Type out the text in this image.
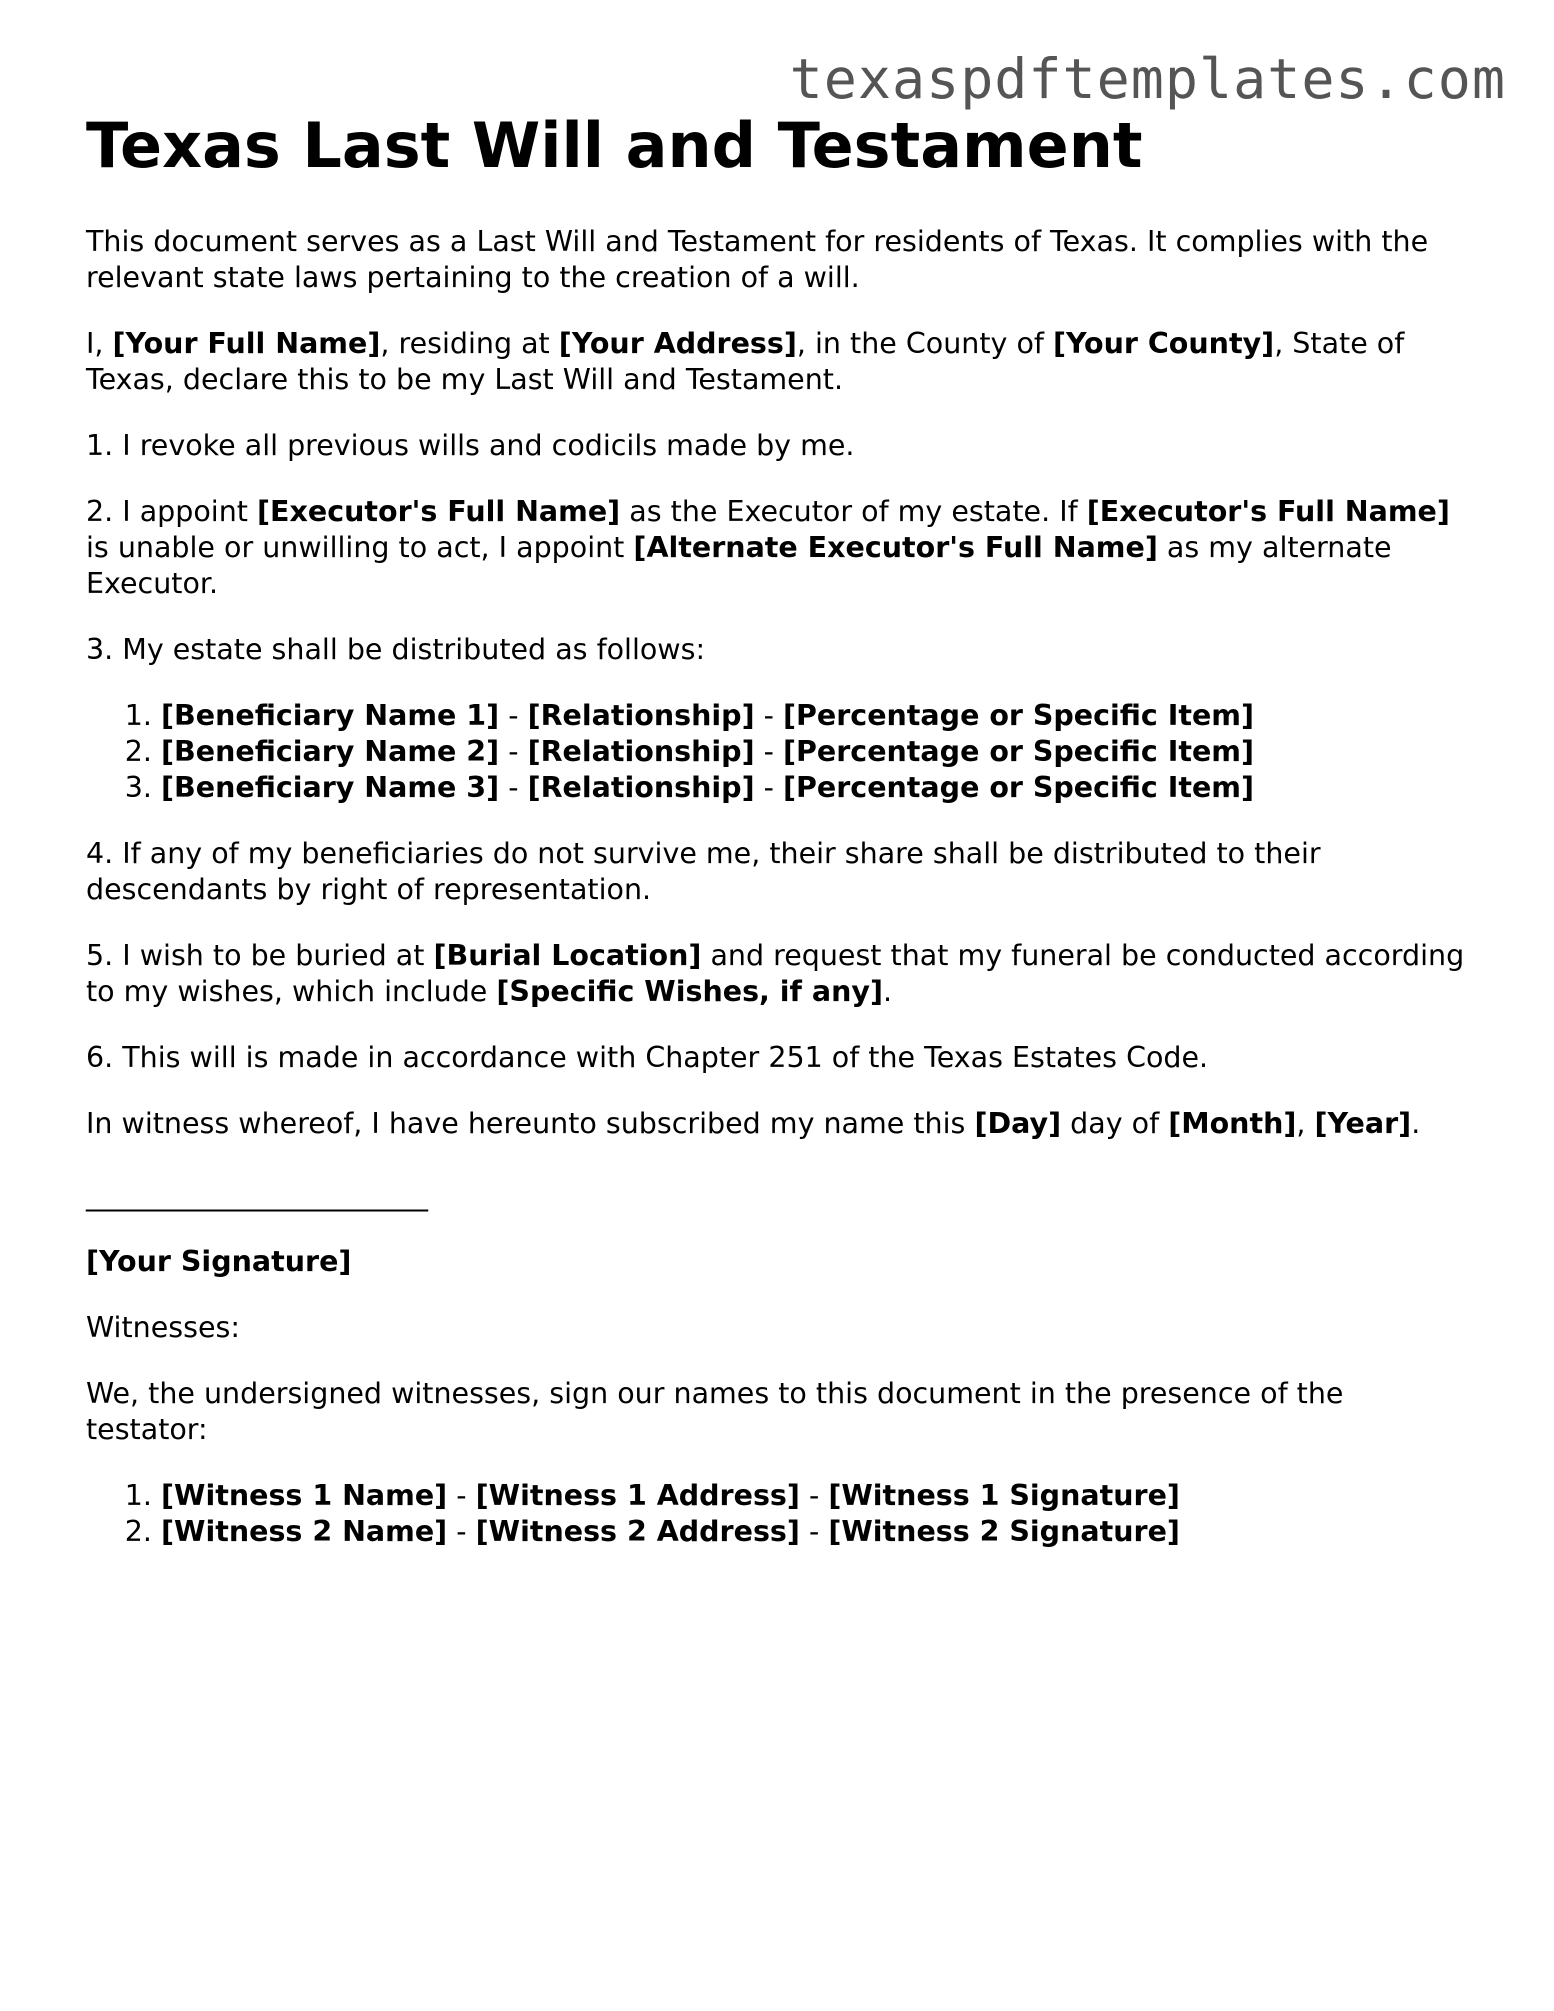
texaspdftemplates.com
Texas Last Will and Testament

This document serves as a Last Will and Testament for residents of Texas. It complies with the relevant state laws pertaining to the creation of a will.

I, [Your Full Name], residing at [Your Address], in the County of [Your County], State of Texas, declare this to be my Last Will and Testament.

1. I revoke all previous wills and codicils made by me.

2. I appoint [Executor's Full Name] as the Executor of my estate. If [Executor's Full Name] is unable or unwilling to act, I appoint [Alternate Executor's Full Name] as my alternate Executor.

3. My estate shall be distributed as follows:

1. [Beneficiary Name 1] - [Relationship] - [Percentage or Specific Item]
2. [Beneficiary Name 2] - [Relationship] - [Percentage or Specific Item]
3. [Beneficiary Name 3] - [Relationship] - [Percentage or Specific Item]

4. If any of my beneficiaries do not survive me, their share shall be distributed to their descendants by right of representation.

5. I wish to be buried at [Burial Location] and request that my funeral be conducted according to my wishes, which include [Specific Wishes, if any].

6. This will is made in accordance with Chapter 251 of the Texas Estates Code.

In witness whereof, I have hereunto subscribed my name this [Day] day of [Month], [Year].

________________________

[Your Signature]

Witnesses:

We, the undersigned witnesses, sign our names to this document in the presence of the testator:

1. [Witness 1 Name] - [Witness 1 Address] - [Witness 1 Signature]
2. [Witness 2 Name] - [Witness 2 Address] - [Witness 2 Signature]
